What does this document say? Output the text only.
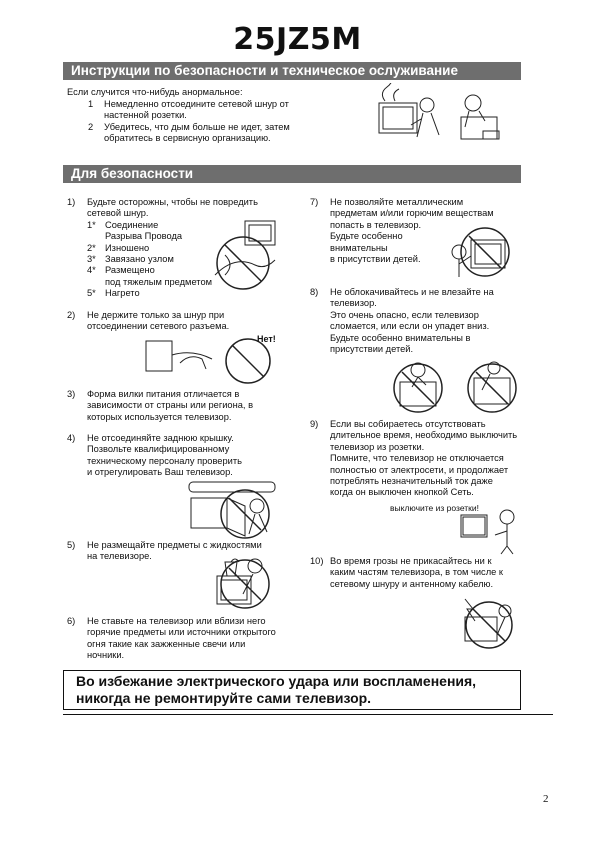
25JZ5M
Инструкции по безопасности и техническое ослуживание
Если случится что-нибудь анормальное:
1	Немедленно отсоедините сетевой шнур от
настенной розетки.
2	Убедитесь, что дым больше не идет, затем
обратитесь в сервисную организацию.
Для безопасности
1)	Будьте осторожны, чтобы не повредить
сетевой шнур.
1* Соединение
Разрыва Провода
2* Изношено
3* Завязано узлом
4* Размещено
под тяжелым предметом
5* Нагрето
2)	Не держите только за шнур при
отсоединении сетевого разъема.
Нет!
3)	Форма вилки питания отличается в
зависимости от страны или региона, в
которых используется телевизор.
4)	Не отсоединяйте заднюю крышку.
Позвольте квалифицированному
техническому персоналу проверить
и отрегулировать Ваш телевизор.
5)	Не размещайте предметы с жидкостями
на телевизоре.
6)	Не ставьте на телевизор или вблизи него
горячие предметы или источники открытого
огня такие как зажженные свечи или
ночники.
7)	Не позволяйте металлическим
предметам и/или горючим веществам
попасть в телевизор.
Будьте особенно
внимательны
в присутствии детей.
8)	Не облокачивайтесь и не влезайте на
телевизор.
Это очень опасно, если телевизор
сломается, или если он упадет вниз.
Будьте особенно внимательны в
присутствии детей.
9)	Если вы собираетесь отсутствовать
длительное время, необходимо выключить
телевизор из розетки.
Помните, что телевизор не отключается
полностью от электросети, и продолжает
потреблять незначительный ток даже
когда он выключен кнопкой Сеть.
выключите из розетки!
10) Во время грозы не прикасайтесь ни к
каким частям телевизора, в том числе к
сетевому шнуру и антенному кабелю.
Во избежание электрического удара или воспламенения,
никогда не ремонтируйте сами телевизор.
2
